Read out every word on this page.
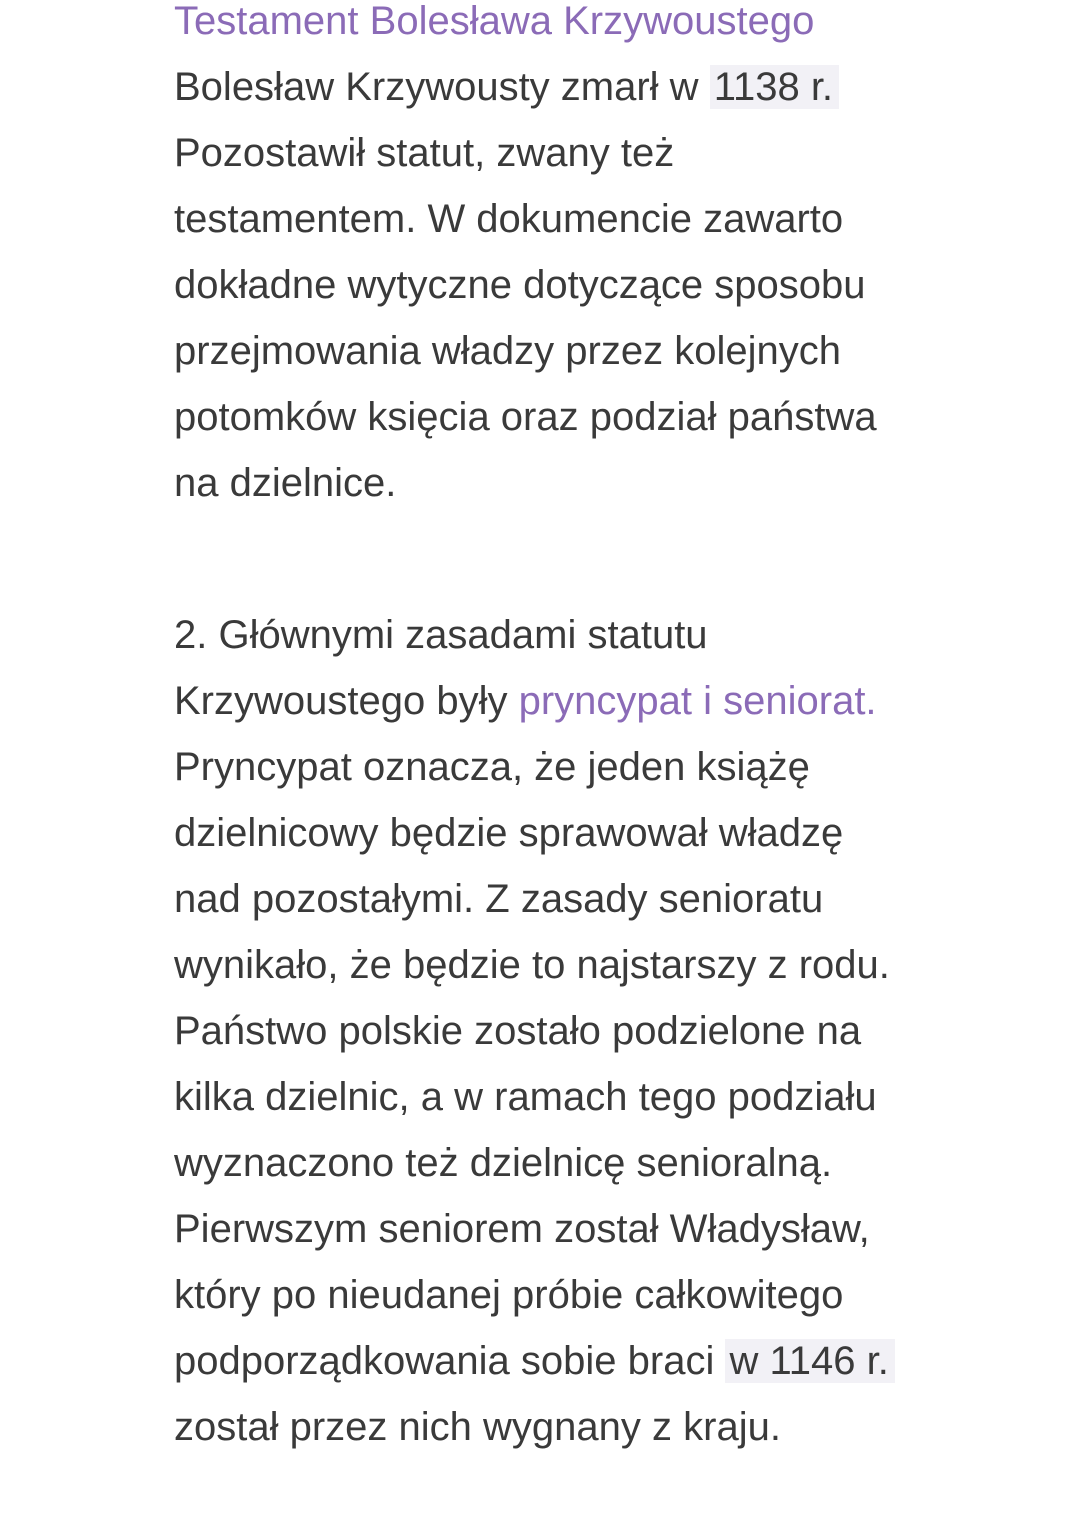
Testament Bolesława Krzywoustego
Bolesław Krzywousty zmarł w 1138 r.
Pozostawił statut, zwany też
testamentem. W dokumencie zawarto
dokładne wytyczne dotyczące sposobu
przejmowania władzy przez kolejnych
potomków księcia oraz podział państwa
na dzielnice.
2. Głównymi zasadami statutu
Krzywoustego były pryncypat i seniorat.
Pryncypat oznacza, że jeden książę
dzielnicowy będzie sprawował władzę
nad pozostałymi. Z zasady senioratu
wynikało, że będzie to najstarszy z rodu.
Państwo polskie zostało podzielone na
kilka dzielnic, a w ramach tego podziału
wyznaczono też dzielnicę senioralną.
Pierwszym seniorem został Władysław,
który po nieudanej próbie całkowitego
podporządkowania sobie braci w 1146 r.
został przez nich wygnany z kraju.
